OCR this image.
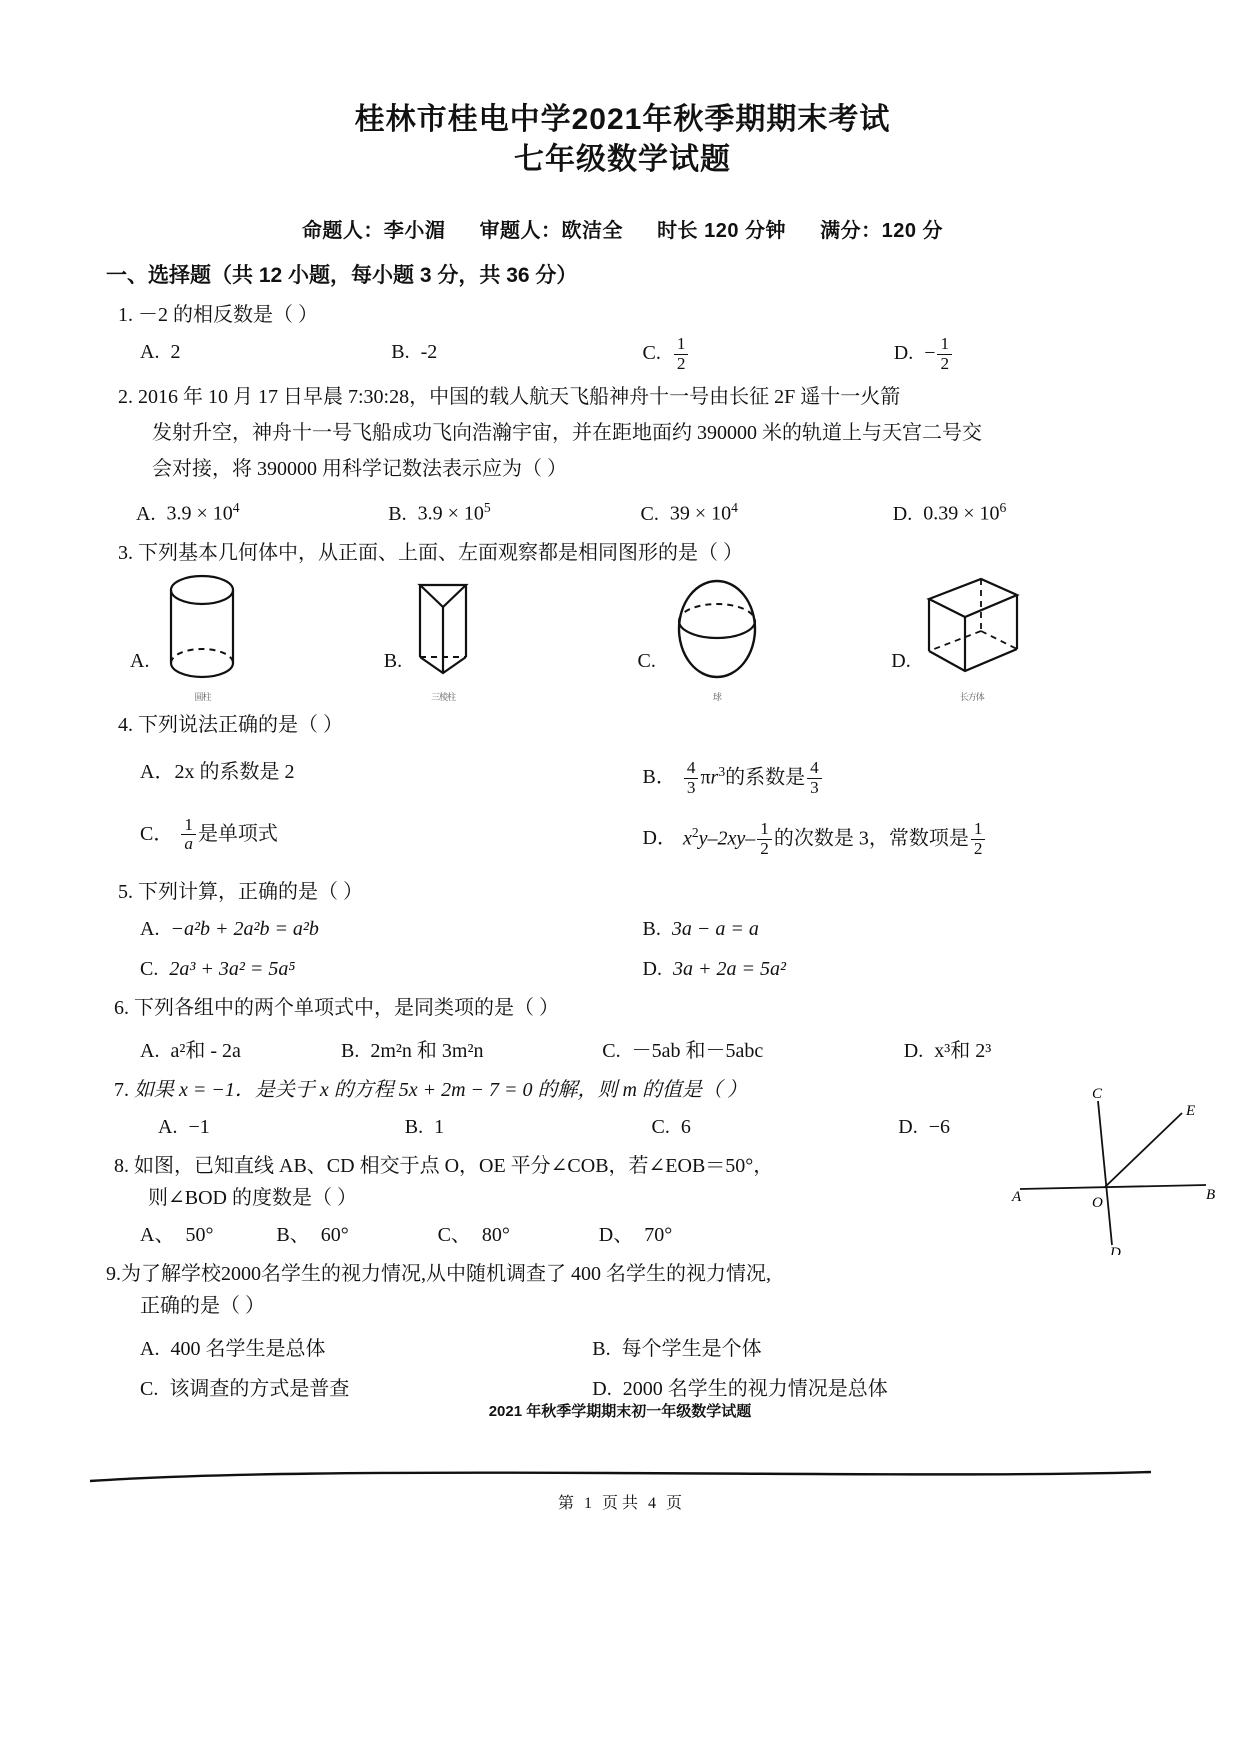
桂林市桂电中学2021年秋季期期末考试
七年级数学试题
命题人：李小湄 审题人：欧洁全 时长 120 分钟 满分：120 分
一、选择题（共 12 小题，每小题 3 分，共 36 分）
1. －2 的相反数是（ ）
A. 2	B. -2	C. $\frac{1}{2}$	D. − $\frac{1}{2}$
2. 2016 年 10 月 17 日早晨 7:30:28，中国的载人航天飞船神舟十一号由长征 2F 遥十一火箭
发射升空，神舟十一号飞船成功飞向浩瀚宇宙，并在距地面约 390000 米的轨道上与天宫二号交
会对接，将 390000 用科学记数法表示应为（ ）
A. $3.9 \times 10^4$	B. $3.9 \times 10^5$	C. $39 \times 10^4$	D. $0.39 \times 10^6$
3. 下列基本几何体中，从正面、上面、左面观察都是相同图形的是（ ）
A.
圆柱
B.
三棱柱
C.
球
D.
长方体
4. 下列说法正确的是（ ）
A．2x 的系数是 2	B． $\frac{4}{3} \pi r^3$的系数是 $\frac{4}{3}$
C． $\frac{1}{a}$ 是单项式	D． $x^2y-2xy- \frac{1}{2}$ 的次数是 3，常数项是 $\frac{1}{2}$
5. 下列计算，正确的是（ ）
A. −a²b + 2a²b = a²b	B. 3a − a = a
C. 2a³ + 3a² = 5a⁵	D. 3a + 2a = 5a²
6. 下列各组中的两个单项式中，是同类项的是（ ）
A. a²和 - 2a	B. 2m²n 和 3m²n	C. －5ab 和－5abc	D. x³和 2³
7. 如果 x = −1．是关于 x 的方程 5x + 2m − 7 = 0 的解，则 m 的值是（ ）
A. −1	B. 1	C. 6	D. −6
8. 如图，已知直线 AB、CD 相交于点 O，OE 平分∠COB，若∠EOB＝50°，
则∠BOD 的度数是（ ）
A、 50°	B、 60°	C、 80°	D、 70°
9.为了解学校2000名学生的视力情况,从中随机调查了 400 名学生的视力情况,
正确的是（ ）
A. 400 名学生是总体	B. 每个学生是个体
C. 该调查的方式是普查	D. 2000 名学生的视力情况是总体
C
E
A	B
O
D
2021 年秋季学期期末初一年级数学试题
第 1 页 共 4 页
